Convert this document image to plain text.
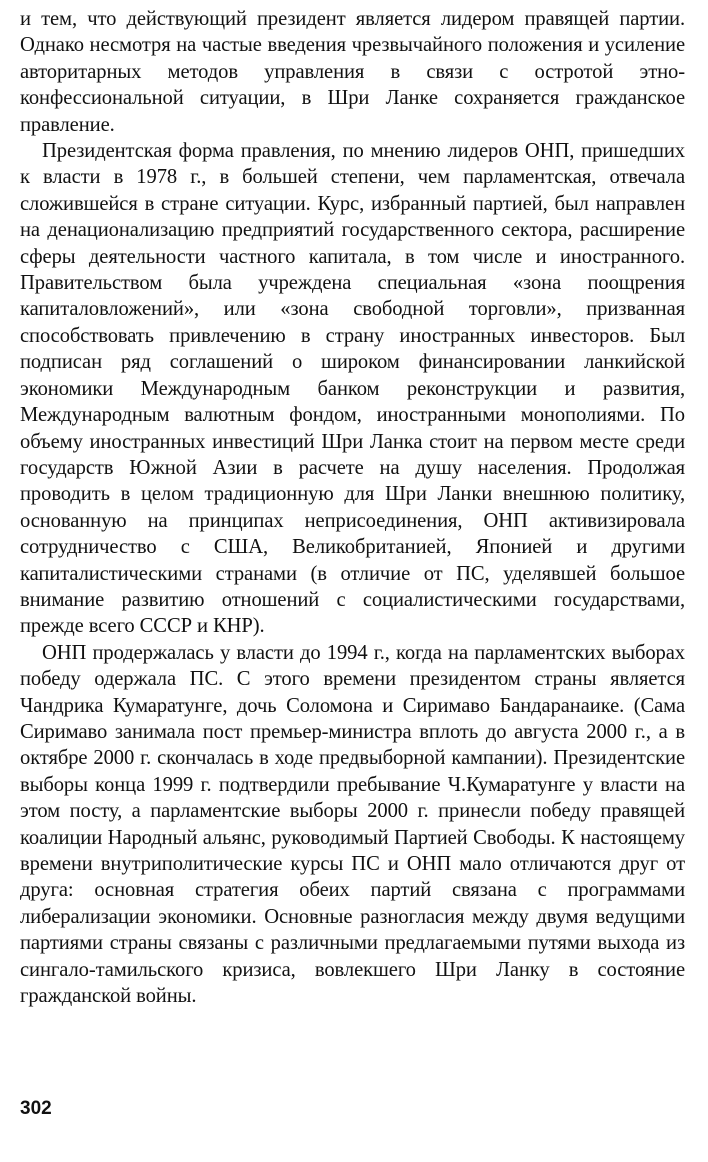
и тем, что действующий президент является лидером правящей партии. Однако несмотря на частые введения чрезвычайного положения и усиление авторитарных методов управления в связи с остротой этно-конфессиональной ситуации, в Шри Ланке сохраняется гражданское правление.

Президентская форма правления, по мнению лидеров ОНП, пришедших к власти в 1978 г., в большей степени, чем парламентская, отвечала сложившейся в стране ситуации. Курс, избранный партией, был направлен на денационализацию предприятий государственного сектора, расширение сферы деятельности частного капитала, в том числе и иностранного. Правительством была учреждена специальная «зона поощрения капиталовложений», или «зона свободной торговли», призванная способствовать привлечению в страну иностранных инвесторов. Был подписан ряд соглашений о широком финансировании ланкийской экономики Международным банком реконструкции и развития, Международным валютным фондом, иностранными монополиями. По объему иностранных инвестиций Шри Ланка стоит на первом месте среди государств Южной Азии в расчете на душу населения. Продолжая проводить в целом традиционную для Шри Ланки внешнюю политику, основанную на принципах неприсоединения, ОНП активизировала сотрудничество с США, Великобританией, Японией и другими капиталистическими странами (в отличие от ПС, уделявшей большое внимание развитию отношений с социалистическими государствами, прежде всего СССР и КНР).

ОНП продержалась у власти до 1994 г., когда на парламентских выборах победу одержала ПС. С этого времени президентом страны является Чандрика Кумаратунге, дочь Соломона и Сиримаво Бандаранаике. (Сама Сиримаво занимала пост премьер-министра вплоть до августа 2000 г., а в октябре 2000 г. скончалась в ходе предвыборной кампании). Президентские выборы конца 1999 г. подтвердили пребывание Ч.Кумаратунге у власти на этом посту, а парламентские выборы 2000 г. принесли победу правящей коалиции Народный альянс, руководимый Партией Свободы. К настоящему времени внутриполитические курсы ПС и ОНП мало отличаются друг от друга: основная стратегия обеих партий связана с программами либерализации экономики. Основные разногласия между двумя ведущими партиями страны связаны с различными предлагаемыми путями выхода из сингало-тамильского кризиса, вовлекшего Шри Ланку в состояние гражданской войны.

302
